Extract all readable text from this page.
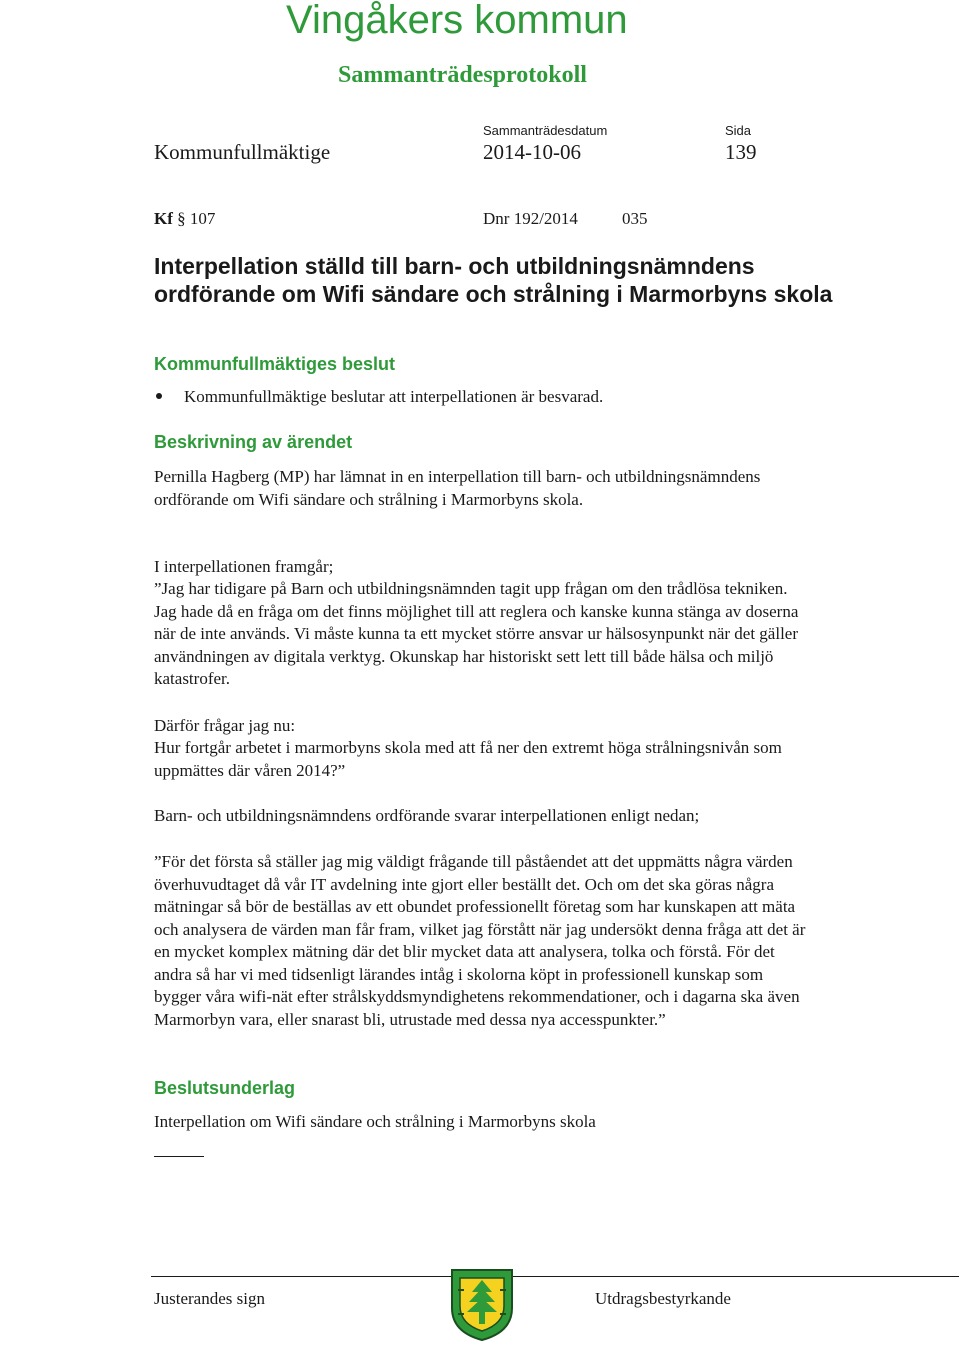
Vingåkers kommun
Sammanträdesprotokoll
Sammanträdesdatum	Sida
Kommunfullmäktige	2014-10-06	139
Kf § 107	Dnr 192/2014	035
Interpellation ställd till barn- och utbildningsnämndens ordförande om Wifi sändare och strålning i Marmorbyns skola
Kommunfullmäktiges beslut
Kommunfullmäktige beslutar att interpellationen är besvarad.
Beskrivning av ärendet
Pernilla Hagberg (MP) har lämnat in en interpellation till barn- och utbildningsnämndens ordförande om Wifi sändare och strålning i Marmorbyns skola.
I interpellationen framgår;
”Jag har tidigare på Barn och utbildningsnämnden tagit upp frågan om den trådlösa tekniken. Jag hade då en fråga om det finns möjlighet till att reglera och kanske kunna stänga av doserna när de inte används. Vi måste kunna ta ett mycket större ansvar ur hälsosynpunkt när det gäller användningen av digitala verktyg. Okunskap har historiskt sett lett till både hälsa och miljö katastrofer.
Därför frågar jag nu:
Hur fortgår arbetet i marmorbyns skola med att få ner den extremt höga strålningsnivån som uppmättes där våren 2014?”
Barn- och utbildningsnämndens ordförande svarar interpellationen enligt nedan;
”För det första så ställer jag mig väldigt frågande till påståendet att det uppmätts några värden överhuvudtaget då vår IT avdelning inte gjort eller beställt det. Och om det ska göras några mätningar så bör de beställas av ett obundet professionellt företag som har kunskapen att mäta och analysera de värden man får fram, vilket jag förstått när jag undersökt denna fråga att det är en mycket komplex mätning där det blir mycket data att analysera, tolka och förstå. För det andra så har vi med tidsenligt lärandes intåg i skolorna köpt in professionell kunskap som bygger våra wifi-nät efter strålskyddsmyndighetens rekommendationer, och i dagarna ska även Marmorbyn vara, eller snarast bli, utrustade med dessa nya accesspunkter.”
Beslutsunderlag
Interpellation om Wifi sändare och strålning i Marmorbyns skola
Justerandes sign	Utdragsbestyrkande
